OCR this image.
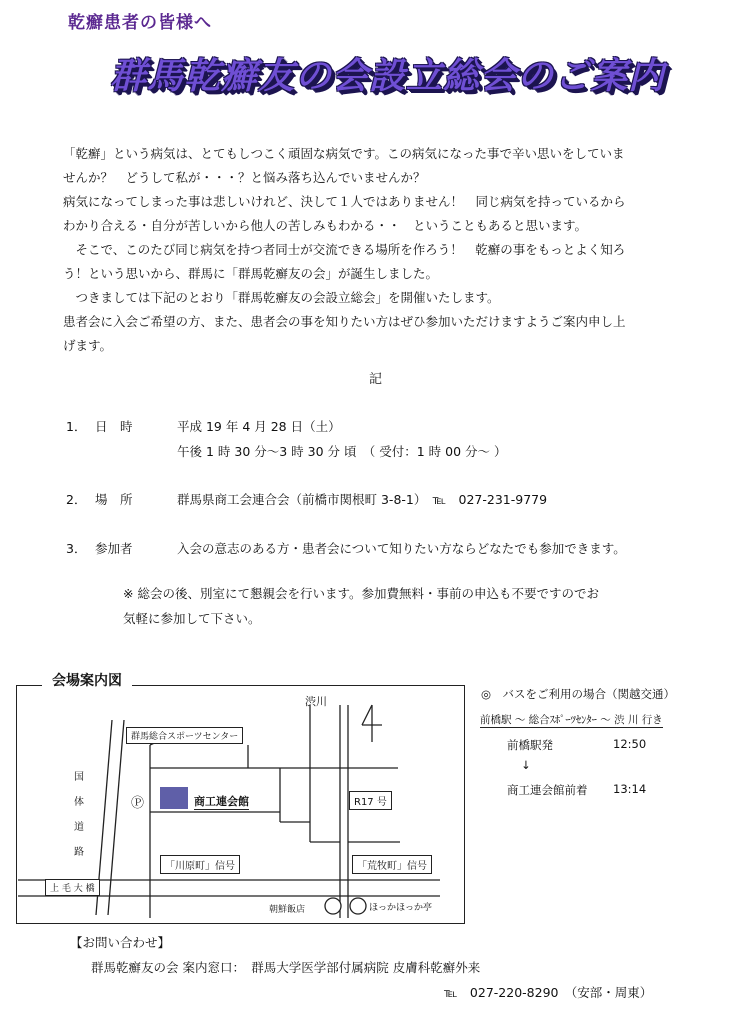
乾癬患者の皆様へ
群馬乾癬友の会設立総会のご案内
「乾癬」という病気は、とてもしつこく頑固な病気です。この病気になった事で辛い思いをしていま
せんか？　どうして私が・・・？と悩み落ち込んでいませんか？
病気になってしまった事は悲しいけれど、決して１人ではありません！　同じ病気を持っているから
わかり合える・自分が苦しいから他人の苦しみもわかる・・　ということもあると思います。
　そこで、このたび同じ病気を持つ者同士が交流できる場所を作ろう！　乾癬の事をもっとよく知ろ
う！という思いから、群馬に「群馬乾癬友の会」が誕生しました。
　つきましては下記のとおり「群馬乾癬友の会設立総会」を開催いたします。
患者会に入会ご希望の方、また、患者会の事を知りたい方はぜひ参加いただけますようご案内申し上
げます。
記
1． 日　時	平成 19 年 4 月 28 日（土）
午後 1 時 30 分～3 時 30 分 頃　（ 受付：1 時 00 分～ ）
2． 場　所	群馬県商工会連合会（前橋市関根町 3-8-1）　℡　027-231-9779
3． 参加者	入会の意志のある方・患者会について知りたい方ならどなたでも参加できます。
※ 総会の後、別室にて懇親会を行います。参加費無料・事前の申込も不要ですのでお
気軽に参加して下さい。
会場案内図
渋川
群馬総合スポーツセンター
国
体
道
路
Ⓟ	商工連会館	R17 号
「川原町」信号	「荒牧町」信号
上 毛 大 橋
朝鮮飯店	ほっかほっか亭
◎　バスをご利用の場合（関越交通）
前橋駅 ～ 総合ｽﾎﾟｰﾂｾﾝﾀｰ ～ 渋 川 行き
前橋駅発	12:50
↓
商工連会館前着 13:14
【お問い合わせ】
群馬乾癬友の会 案内窓口：　群馬大学医学部付属病院 皮膚科乾癬外来
℡　027-220-8290　（安部・周東）
